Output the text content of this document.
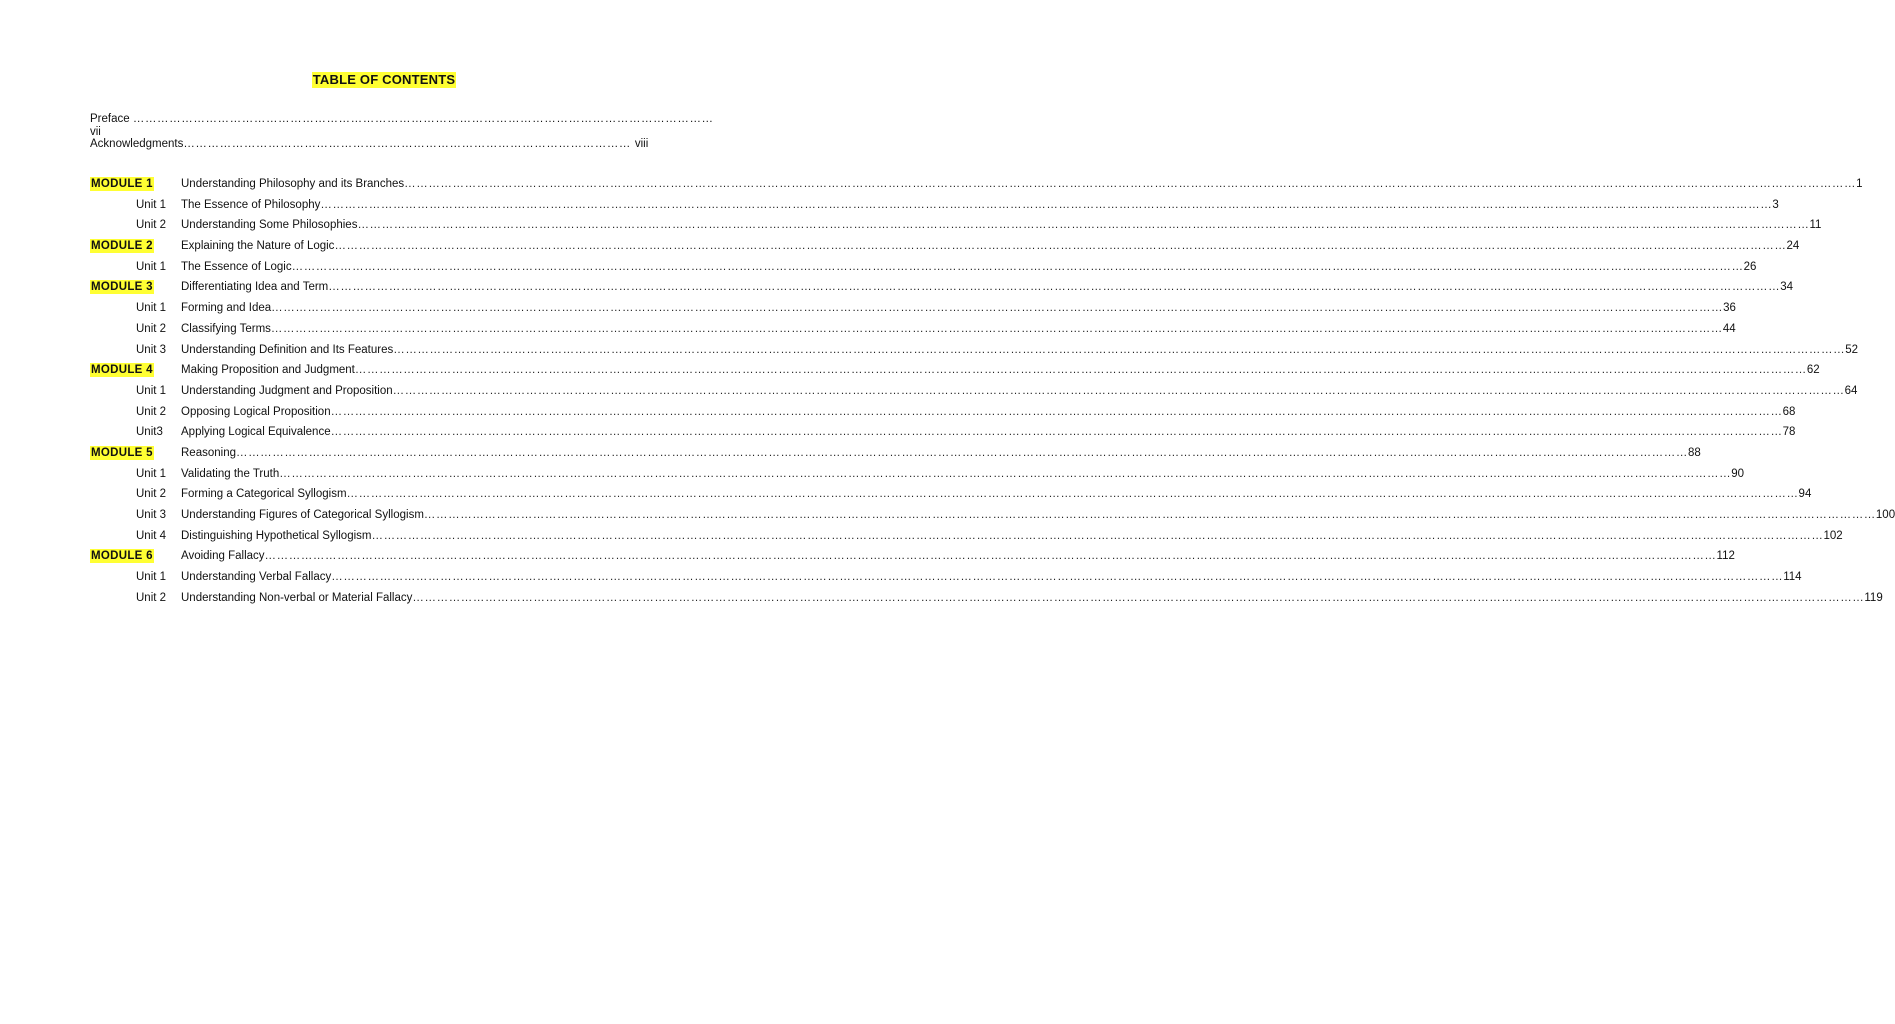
TABLE OF CONTENTS
Preface ………………………………………………………………………………………………………………………………
vii
Acknowledgments………………………………………………………………………………………………… viii
MODULE 1 Understanding Philosophy and its Branches ……………………………………………………………………………………………………………………………………………………………………………………………………………………………………………………………………………………………………………………………… 1
Unit 1 The Essence of Philosophy ……………………………………………………………………………………………………………………………………………………………………………………………………………………………………………………………………………………………………………………………… 3
Unit 2 Understanding Some Philosophies ……………………………………………………………………………………………………………………………………………………………………………………………………………………………………………………………………………………………………………………………… 11
MODULE 2 Explaining the Nature of Logic ……………………………………………………………………………………………………………………………………………………………………………………………………………………………………………………………………………………………………………………………… 24
Unit 1 The Essence of Logic ……………………………………………………………………………………………………………………………………………………………………………………………………………………………………………………………………………………………………………………………… 26
MODULE 3 Differentiating Idea and Term ……………………………………………………………………………………………………………………………………………………………………………………………………………………………………………………………………………………………………………………………… 34
Unit 1 Forming and Idea ……………………………………………………………………………………………………………………………………………………………………………………………………………………………………………………………………………………………………………………………… 36
Unit 2 Classifying Terms ……………………………………………………………………………………………………………………………………………………………………………………………………………………………………………………………………………………………………………………………… 44
Unit 3 Understanding Definition and Its Features ……………………………………………………………………………………………………………………………………………………………………………………………………………………………………………………………………………………………………………………………… 52
MODULE 4 Making Proposition and Judgment ……………………………………………………………………………………………………………………………………………………………………………………………………………………………………………………………………………………………………………………………… 62
Unit 1 Understanding Judgment and Proposition ……………………………………………………………………………………………………………………………………………………………………………………………………………………………………………………………………………………………………………………………… 64
Unit 2 Opposing Logical Proposition ……………………………………………………………………………………………………………………………………………………………………………………………………………………………………………………………………………………………………………………………… 68
Unit3 Applying Logical Equivalence ……………………………………………………………………………………………………………………………………………………………………………………………………………………………………………………………………………………………………………………………… 78
MODULE 5 Reasoning ……………………………………………………………………………………………………………………………………………………………………………………………………………………………………………………………………………………………………………………………… 88
Unit 1 Validating the Truth ……………………………………………………………………………………………………………………………………………………………………………………………………………………………………………………………………………………………………………………………… 90
Unit 2 Forming a Categorical Syllogism ……………………………………………………………………………………………………………………………………………………………………………………………………………………………………………………………………………………………………………………………… 94
Unit 3 Understanding Figures of Categorical Syllogism ……………………………………………………………………………………………………………………………………………………………………………………………………………………………………………………………………………………………………………………………… 100
Unit 4 Distinguishing Hypothetical Syllogism ……………………………………………………………………………………………………………………………………………………………………………………………………………………………………………………………………………………………………………………………… 102
MODULE 6 Avoiding Fallacy ……………………………………………………………………………………………………………………………………………………………………………………………………………………………………………………………………………………………………………………………… 112
Unit 1 Understanding Verbal Fallacy ……………………………………………………………………………………………………………………………………………………………………………………………………………………………………………………………………………………………………………………………… 114
Unit 2 Understanding Non-verbal or Material Fallacy ……………………………………………………………………………………………………………………………………………………………………………………………………………………………………………………………………………………………………………………………… 119
